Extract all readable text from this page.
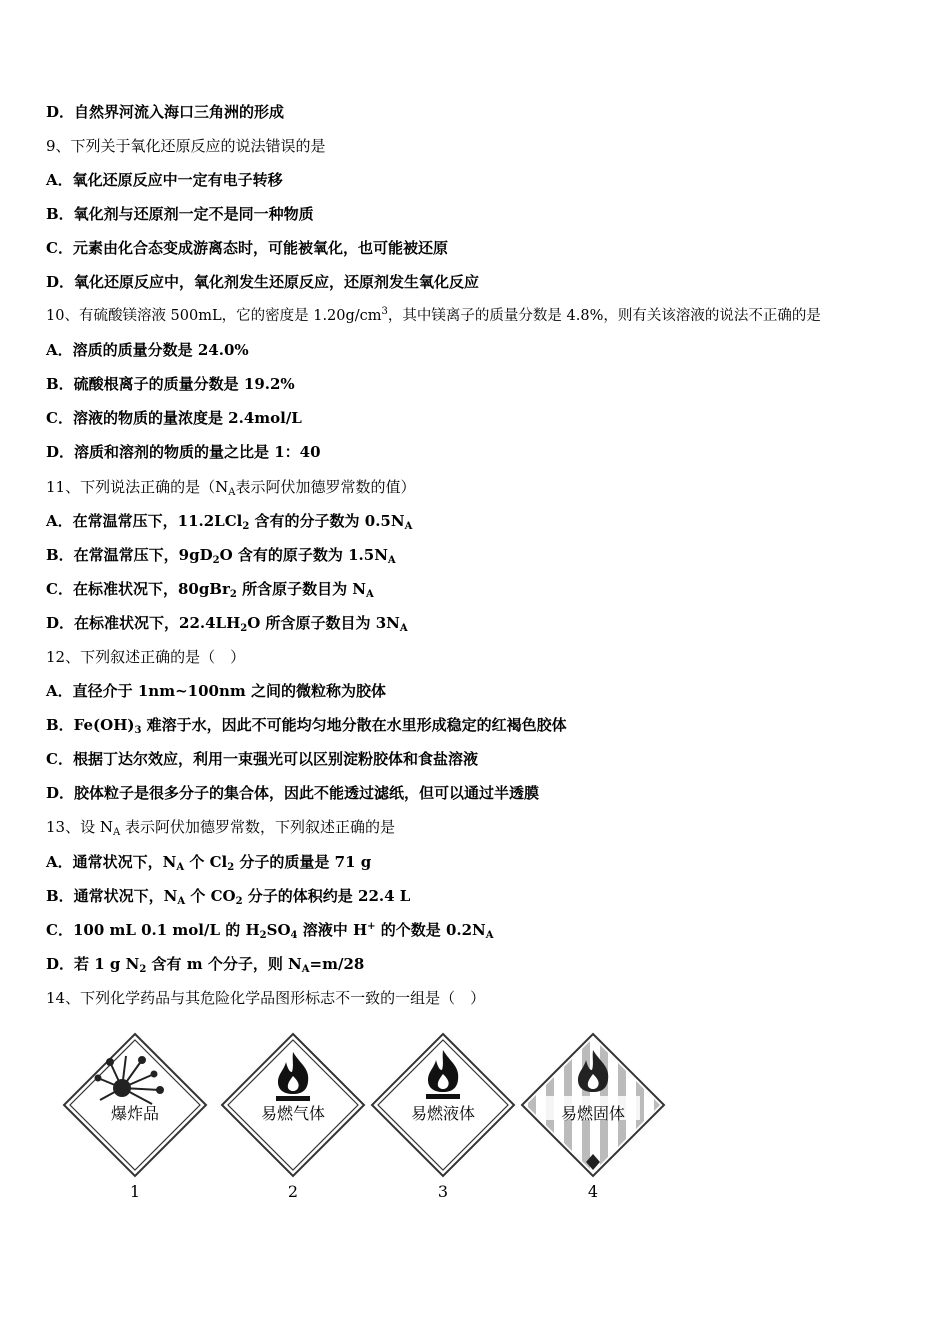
D．自然界河流入海口三角洲的形成
9、下列关于氧化还原反应的说法错误的是
A．氧化还原反应中一定有电子转移
B．氧化剂与还原剂一定不是同一种物质
C．元素由化合态变成游离态时，可能被氧化，也可能被还原
D．氧化还原反应中，氧化剂发生还原反应，还原剂发生氧化反应
10、有硫酸镁溶液 500mL，它的密度是 $1.20g/cm^3$，其中镁离子的质量分数是 4.8%，则有关该溶液的说法不正确的是
A．溶质的质量分数是 24.0%
B．硫酸根离子的质量分数是 19.2%
C．溶液的物质的量浓度是 2.4mol/L
D．溶质和溶剂的物质的量之比是 1：40
11、下列说法正确的是（$N_A$表示阿伏加德罗常数的值）
A．在常温常压下，11.2LCl$_2$ 含有的分子数为 $0.5N_A$
B．在常温常压下，$9gD_2O$ 含有的原子数为 $1.5N_A$
C．在标准状况下，80gBr$_2$ 所含原子数目为 $N_A$
D．在标准状况下，$22.4LH_2O$ 所含原子数目为 $3N_A$
12、下列叙述正确的是（　）
A．直径介于 1nm~100nm 之间的微粒称为胶体
B．$Fe(OH)_3$ 难溶于水，因此不可能均匀地分散在水里形成稳定的红褐色胶体
C．根据丁达尔效应，利用一束强光可以区别淀粉胶体和食盐溶液
D．胶体粒子是很多分子的集合体，因此不能透过滤纸，但可以通过半透膜
13、设 $N_A$ 表示阿伏加德罗常数，下列叙述正确的是
A．通常状况下，$N_A$ 个 $Cl_2$ 分子的质量是 71 g
B．通常状况下，$N_A$ 个 $CO_2$ 分子的体积约是 22.4 L
C．100 mL 0.1 mol/L 的 $H_2SO_4$ 溶液中 H+ 的个数是 $0.2N_A$
D．若 1 g $N_2$ 含有 m 个分子，则 $N_A=m/28$
14、下列化学药品与其危险化学品图形标志不一致的一组是（　）
爆炸品
1
易燃气体
2
易燃液体
3
易燃固体
4
